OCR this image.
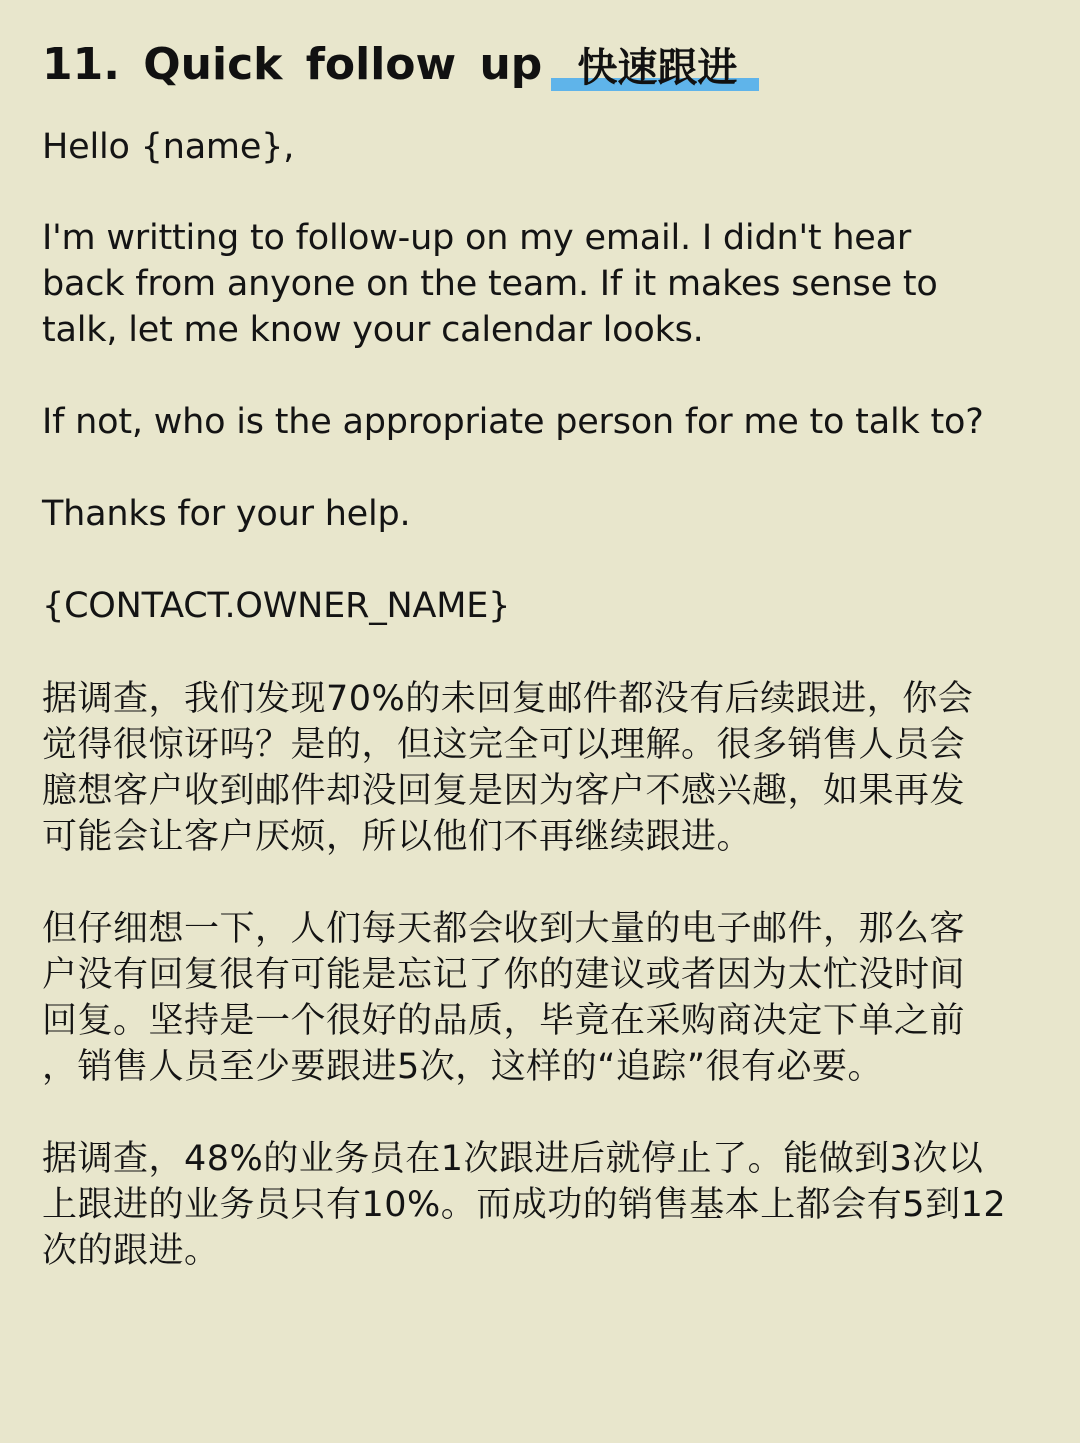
11. Quick follow up 快速跟进

Hello {name},

I'm writting to follow-up on my email. I didn't hear
back from anyone on the team. If it makes sense to
talk, let me know your calendar looks.

If not, who is the appropriate person for me to talk to?

Thanks for your help.

{CONTACT.OWNER_NAME}

据调查，我们发现70%的未回复邮件都没有后续跟进，你会
觉得很惊讶吗？是的，但这完全可以理解。很多销售人员会
臆想客户收到邮件却没回复是因为客户不感兴趣，如果再发
可能会让客户厌烦，所以他们不再继续跟进。

但仔细想一下，人们每天都会收到大量的电子邮件，那么客
户没有回复很有可能是忘记了你的建议或者因为太忙没时间
回复。坚持是一个很好的品质，毕竟在采购商决定下单之前
，销售人员至少要跟进5次，这样的“追踪”很有必要。

据调查，48%的业务员在1次跟进后就停止了。能做到3次以
上跟进的业务员只有10%。而成功的销售基本上都会有5到12
次的跟进。
